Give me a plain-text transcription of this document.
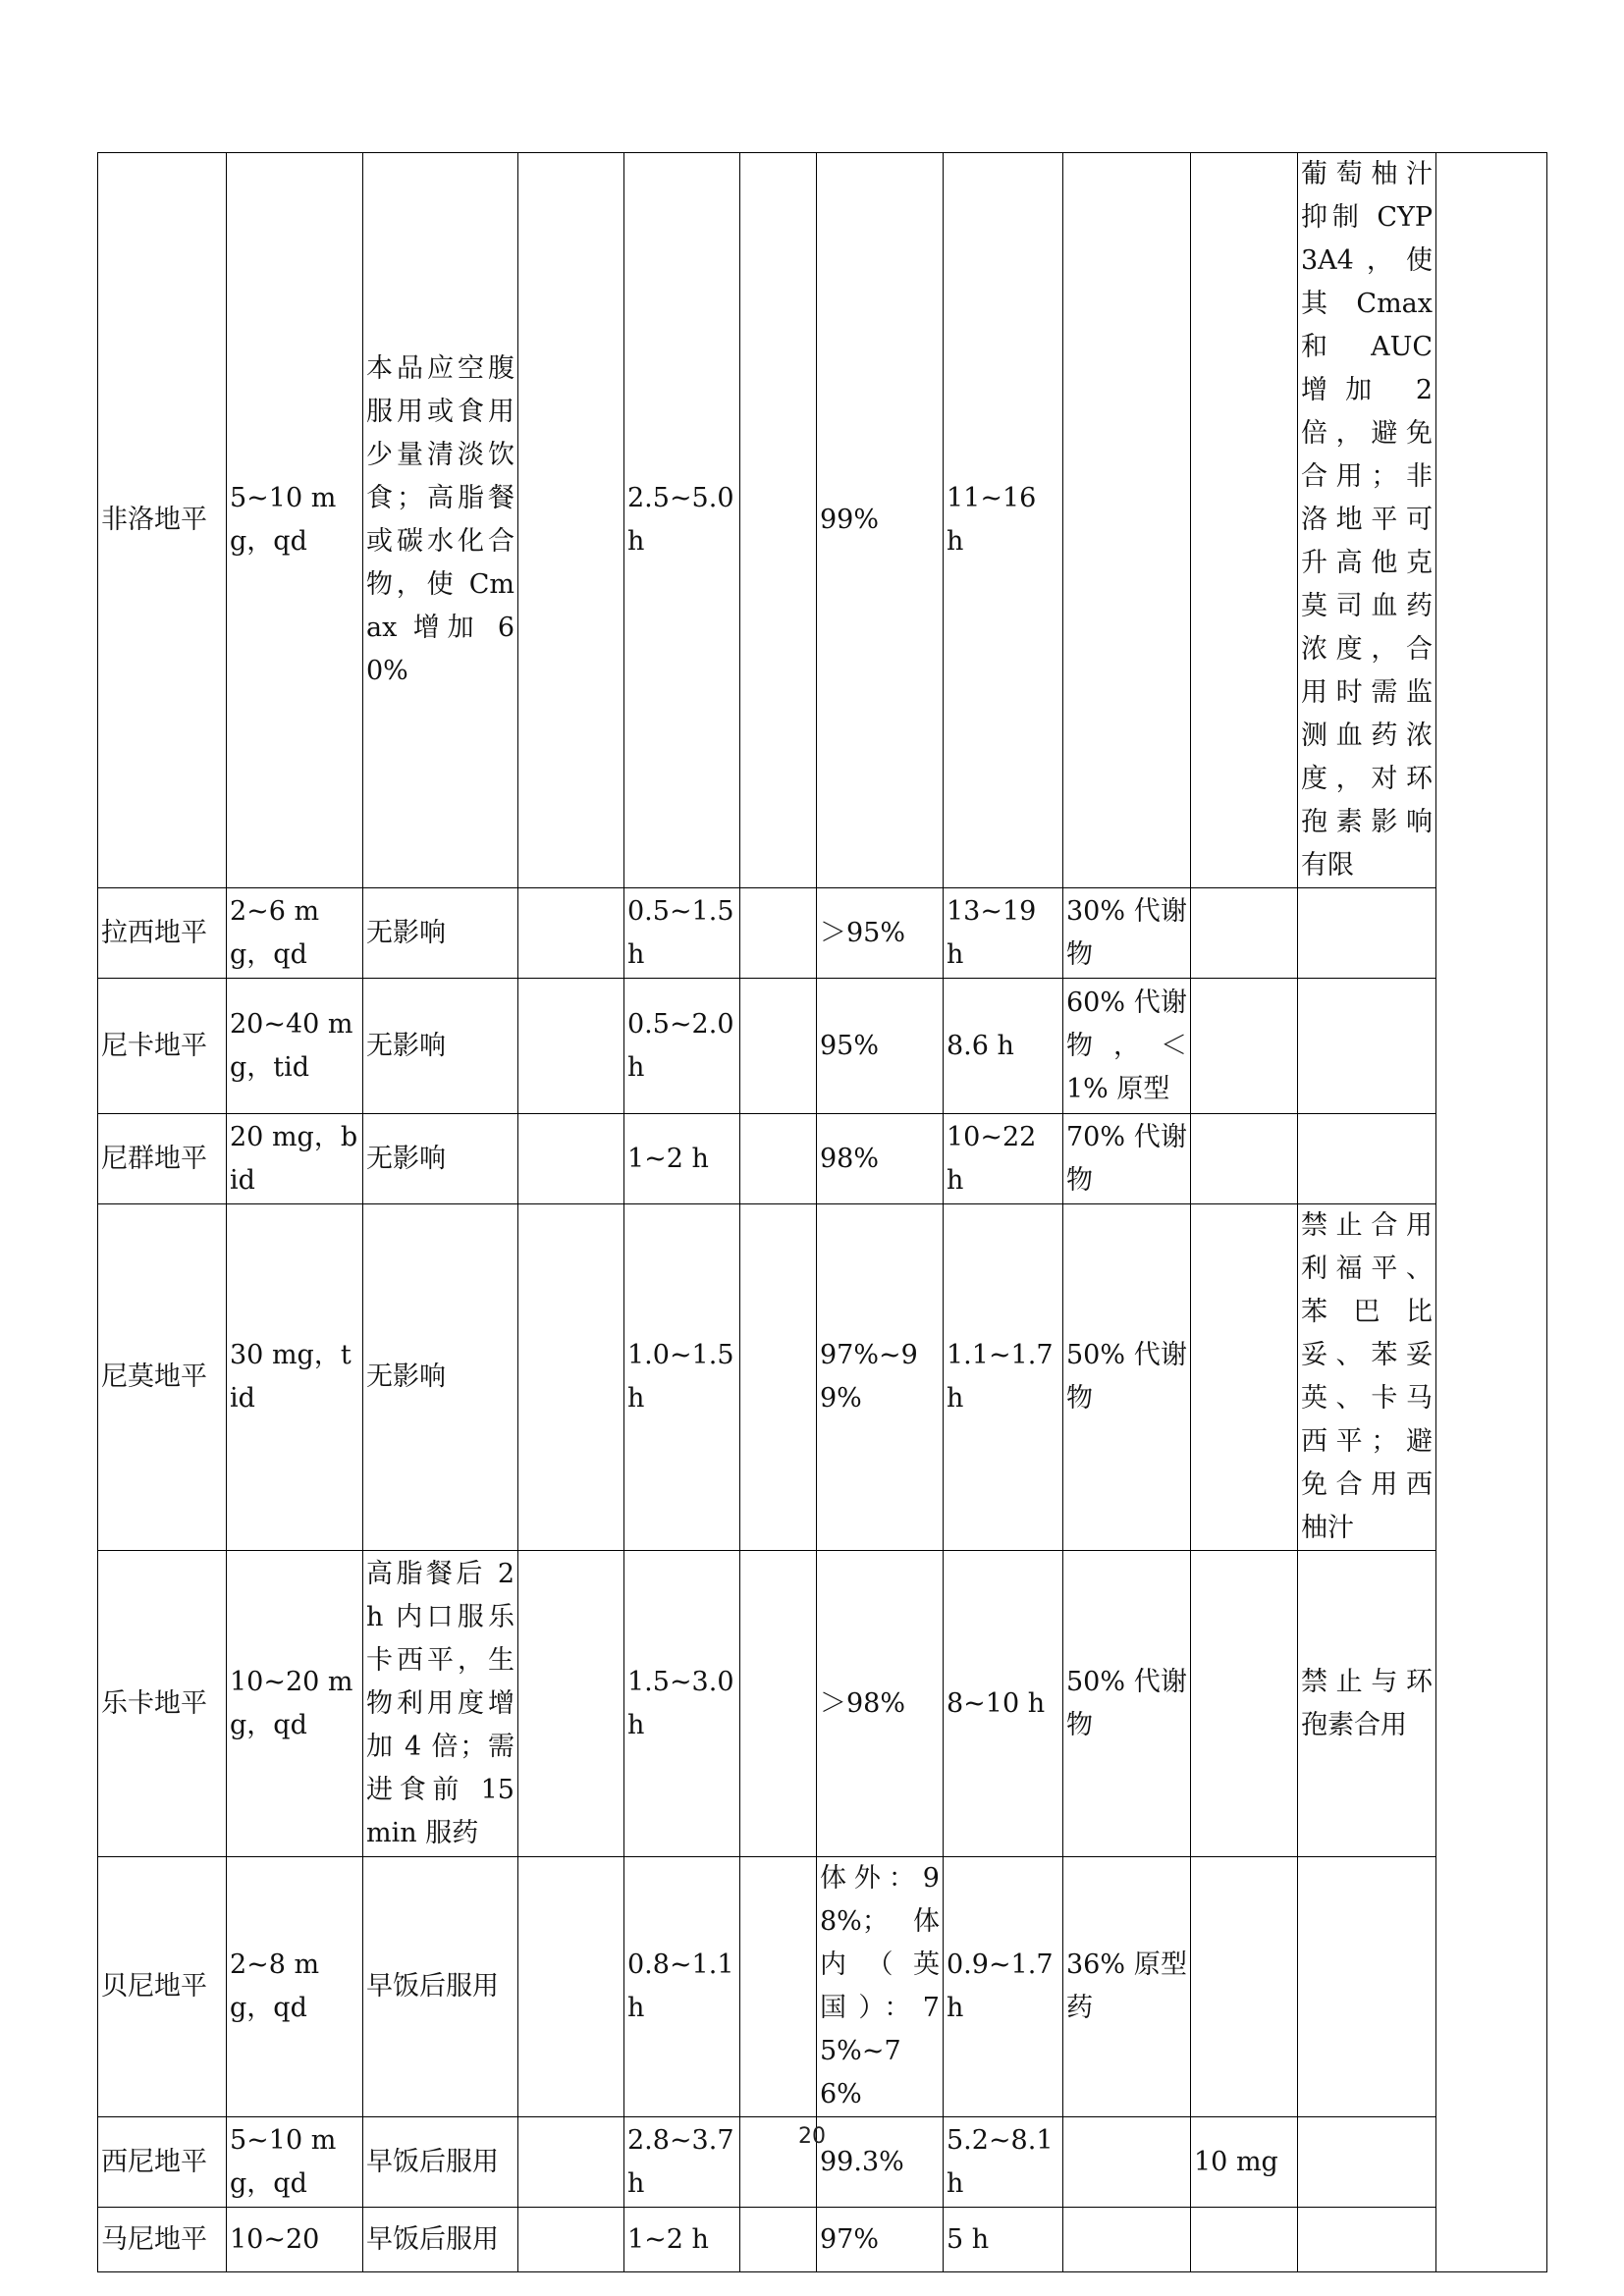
非洛地平	5~10 mg，qd	本品应空腹服用或食用少量清淡饮食；高脂餐或碳水化合物，使 Cmax 增加 60%		2.5~5.0 h		99%	11~16 h			葡萄柚汁抑制 CYP3A4，使其 Cmax 和 AUC 增加 2 倍，避免合用；非洛地平可升高他克莫司血药浓度，合用时需监测血药浓度，对环孢素影响有限	
拉西地平	2~6 mg，qd	无影响		0.5~1.5 h		＞95%	13~19 h	30% 代谢物			
尼卡地平	20~40 mg，tid	无影响		0.5~2.0 h		95%	8.6 h	60% 代谢物，＜1% 原型			
尼群地平	20 mg，bid	无影响		1~2 h		98%	10~22 h	70% 代谢物			
尼莫地平	30 mg，tid	无影响		1.0~1.5 h		97%~99%	1.1~1.7 h	50% 代谢物		禁止合用利福平、苯巴比妥、苯妥英、卡马西平；避免合用西柚汁	
乐卡地平	10~20 mg，qd	高脂餐后 2 h 内口服乐卡西平，生物利用度增加 4 倍；需进食前 15 min 服药		1.5~3.0 h		＞98%	8~10 h	50% 代谢物		禁止与环孢素合用	
贝尼地平	2~8 mg，qd	早饭后服用		0.8~1.1 h		体外：98%；体内（英国）：75%~76%	0.9~1.7 h	36% 原型药			
西尼地平	5~10 mg，qd	早饭后服用		2.8~3.7 h		99.3%	5.2~8.1 h		10 mg		
马尼地平	10~20	早饭后服用		1~2 h		97%	5 h				
20
